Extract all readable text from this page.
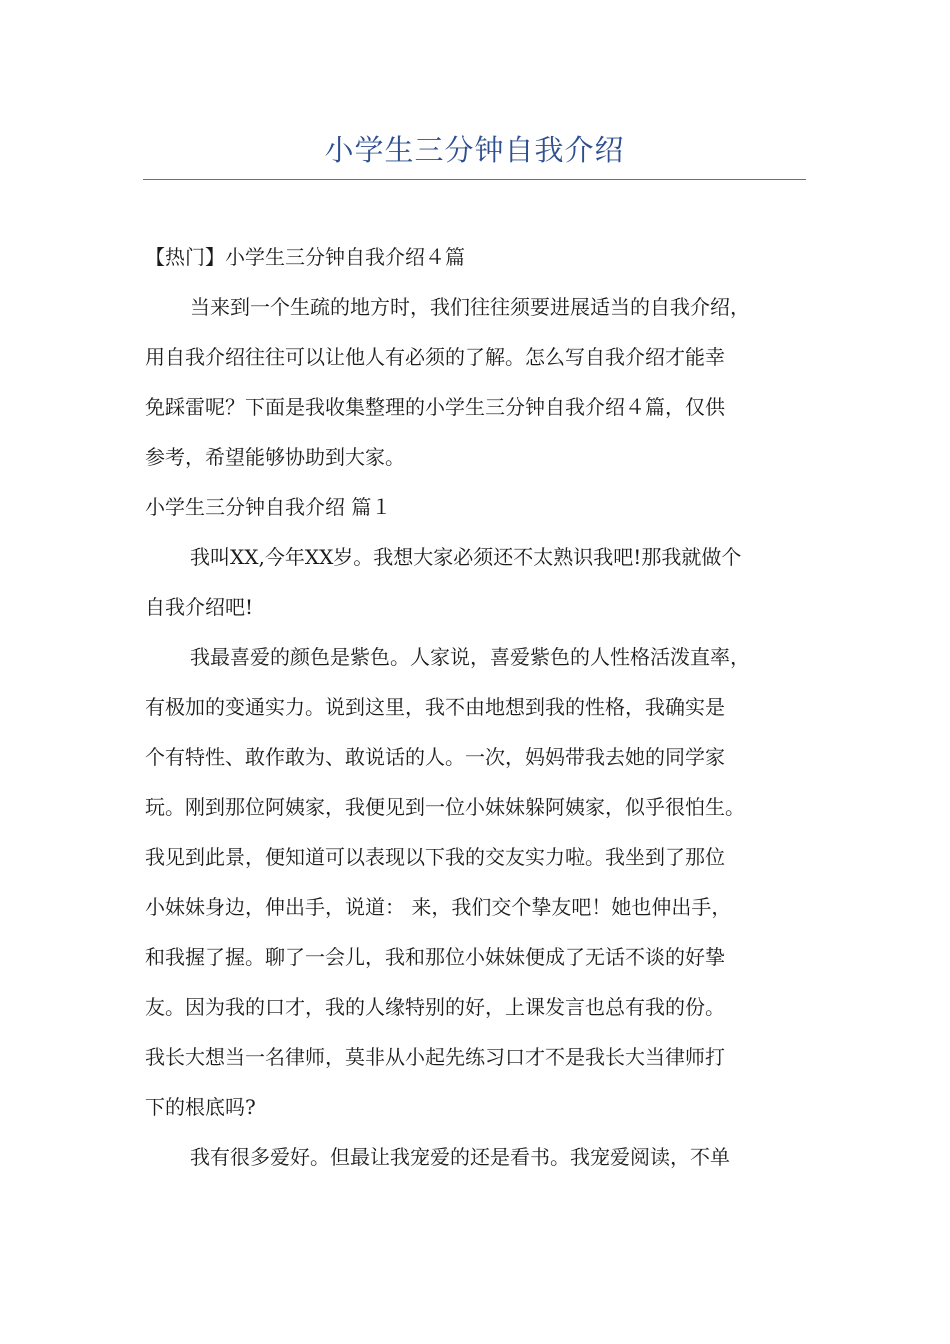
小学生三分钟自我介绍
【热门】小学生三分钟自我介绍４篇
当来到一个生疏的地方时，我们往往须要进展适当的自我介绍，
用自我介绍往往可以让他人有必须的了解。怎么写自我介绍才能幸
免踩雷呢？下面是我收集整理的小学生三分钟自我介绍４篇，仅供
参考，希望能够协助到大家。
小学生三分钟自我介绍 篇１
我叫XX,今年XX岁。我想大家必须还不太熟识我吧!那我就做个
自我介绍吧!
我最喜爱的颜色是紫色。人家说，喜爱紫色的人性格活泼直率，
有极加的变通实力。说到这里，我不由地想到我的性格，我确实是
个有特性、敢作敢为、敢说话的人。一次，妈妈带我去她的同学家
玩。刚到那位阿姨家，我便见到一位小妹妹躲阿姨家，似乎很怕生。
我见到此景，便知道可以表现以下我的交友实力啦。我坐到了那位
小妹妹身边，伸出手，说道： 来，我们交个挚友吧！她也伸出手，
和我握了握。聊了一会儿，我和那位小妹妹便成了无话不谈的好挚
友。因为我的口才，我的人缘特别的好，上课发言也总有我的份。
我长大想当一名律师，莫非从小起先练习口才不是我长大当律师打
下的根底吗?
我有很多爱好。但最让我宠爱的还是看书。我宠爱阅读，不单
